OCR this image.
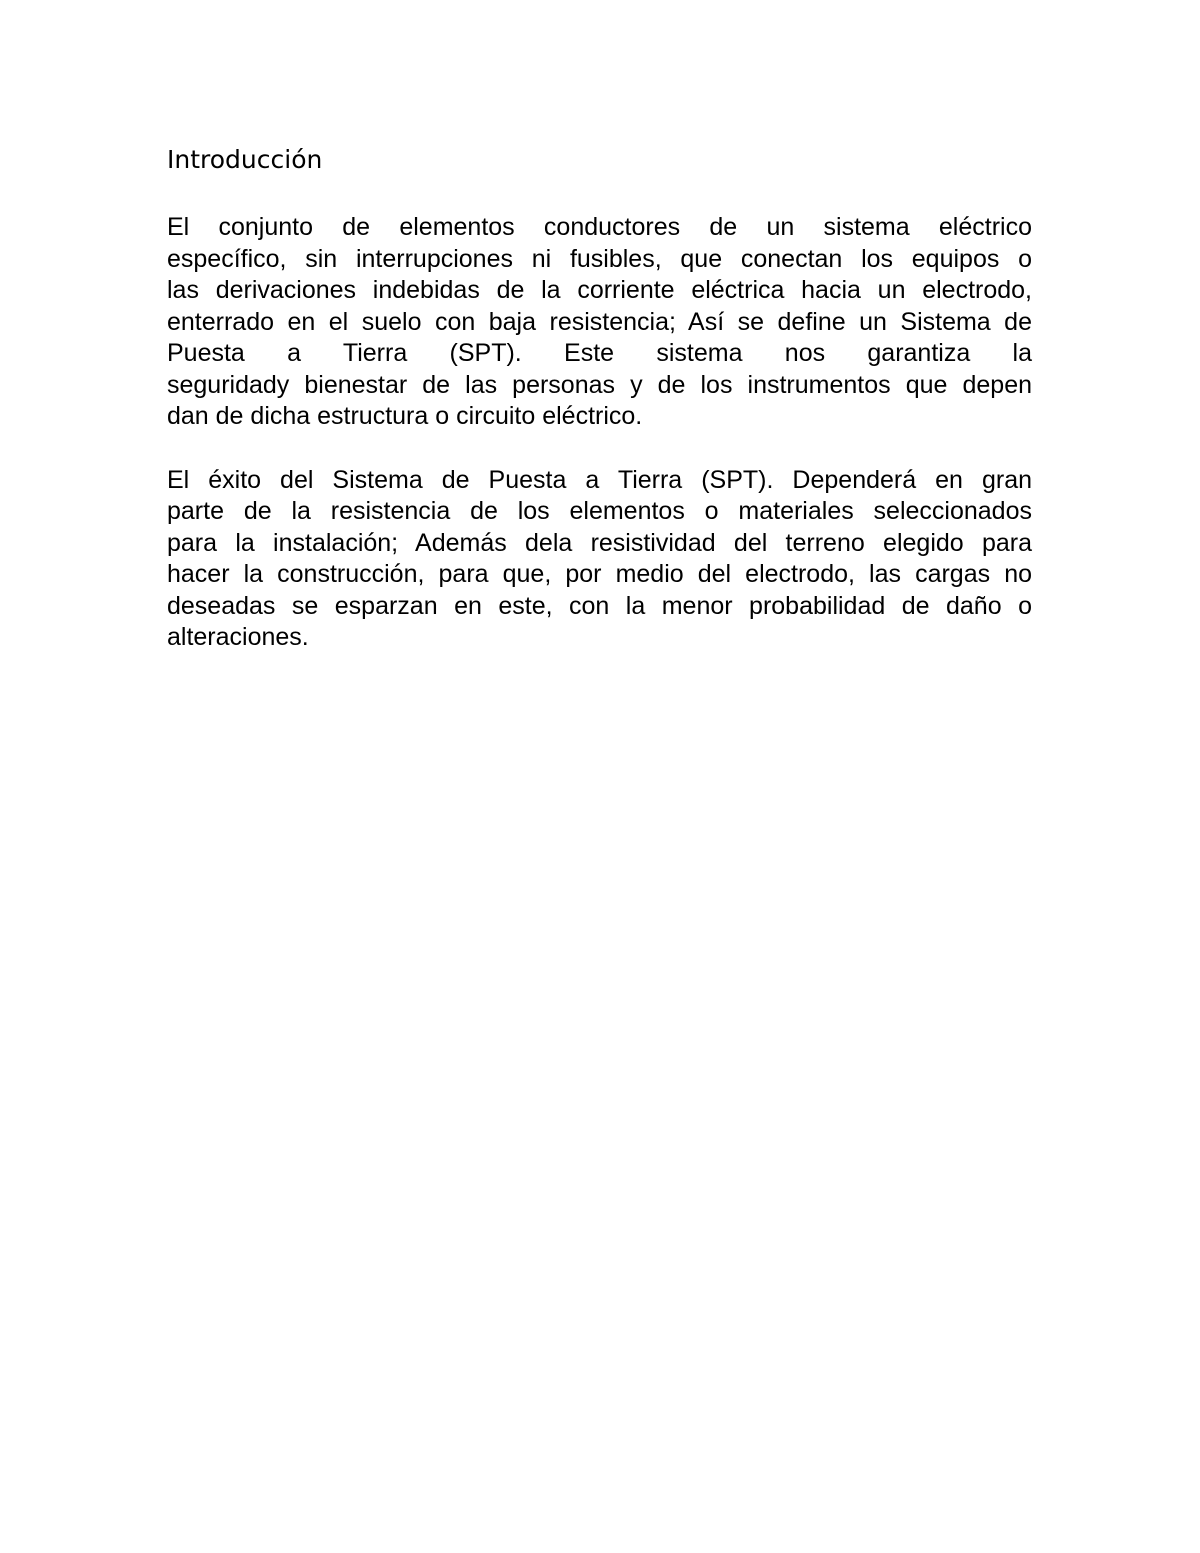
Introducción
El conjunto de elementos conductores de un sistema eléctrico
específico, sin interrupciones ni fusibles, que conectan los equipos o
las derivaciones indebidas de la corriente eléctrica hacia un electrodo,
enterrado en el suelo con baja resistencia; Así se define un Sistema de
Puesta a Tierra (SPT). Este sistema nos garantiza la
seguridady bienestar de las personas y de los instrumentos que depen
dan de dicha estructura o circuito eléctrico.
El éxito del Sistema de Puesta a Tierra (SPT). Dependerá en gran
parte de la resistencia de los elementos o materiales seleccionados
para la instalación; Además dela resistividad del terreno elegido para
hacer la construcción, para que, por medio del electrodo, las cargas no
deseadas se esparzan en este, con la menor probabilidad de daño o
alteraciones.
